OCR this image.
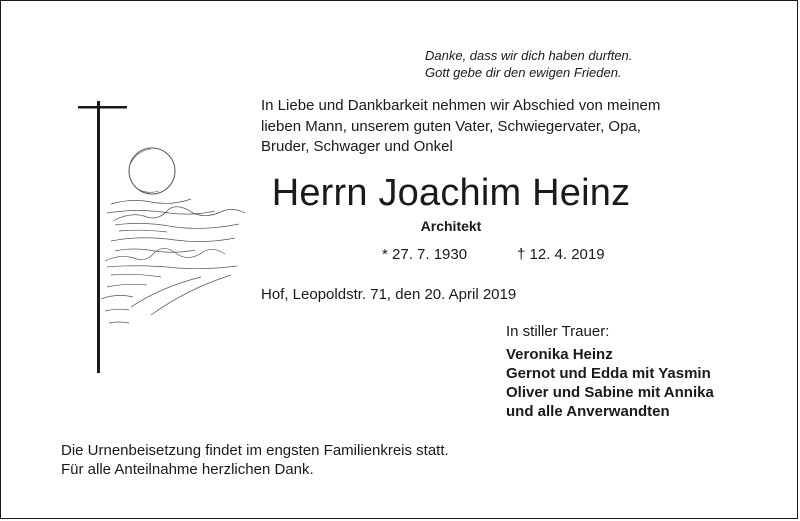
Danke, dass wir dich haben durften.
Gott gebe dir den ewigen Frieden.
In Liebe und Dankbarkeit nehmen wir Abschied von meinem
lieben Mann, unserem guten Vater, Schwiegervater, Opa,
Bruder, Schwager und Onkel
Herrn Joachim Heinz
Architekt
* 27. 7. 1930	† 12. 4. 2019
Hof, Leopoldstr. 71, den 20. April 2019
In stiller Trauer:
Veronika Heinz
Gernot und Edda mit Yasmin
Oliver und Sabine mit Annika
und alle Anverwandten
Die Urnenbeisetzung findet im engsten Familienkreis statt.
Für alle Anteilnahme herzlichen Dank.
